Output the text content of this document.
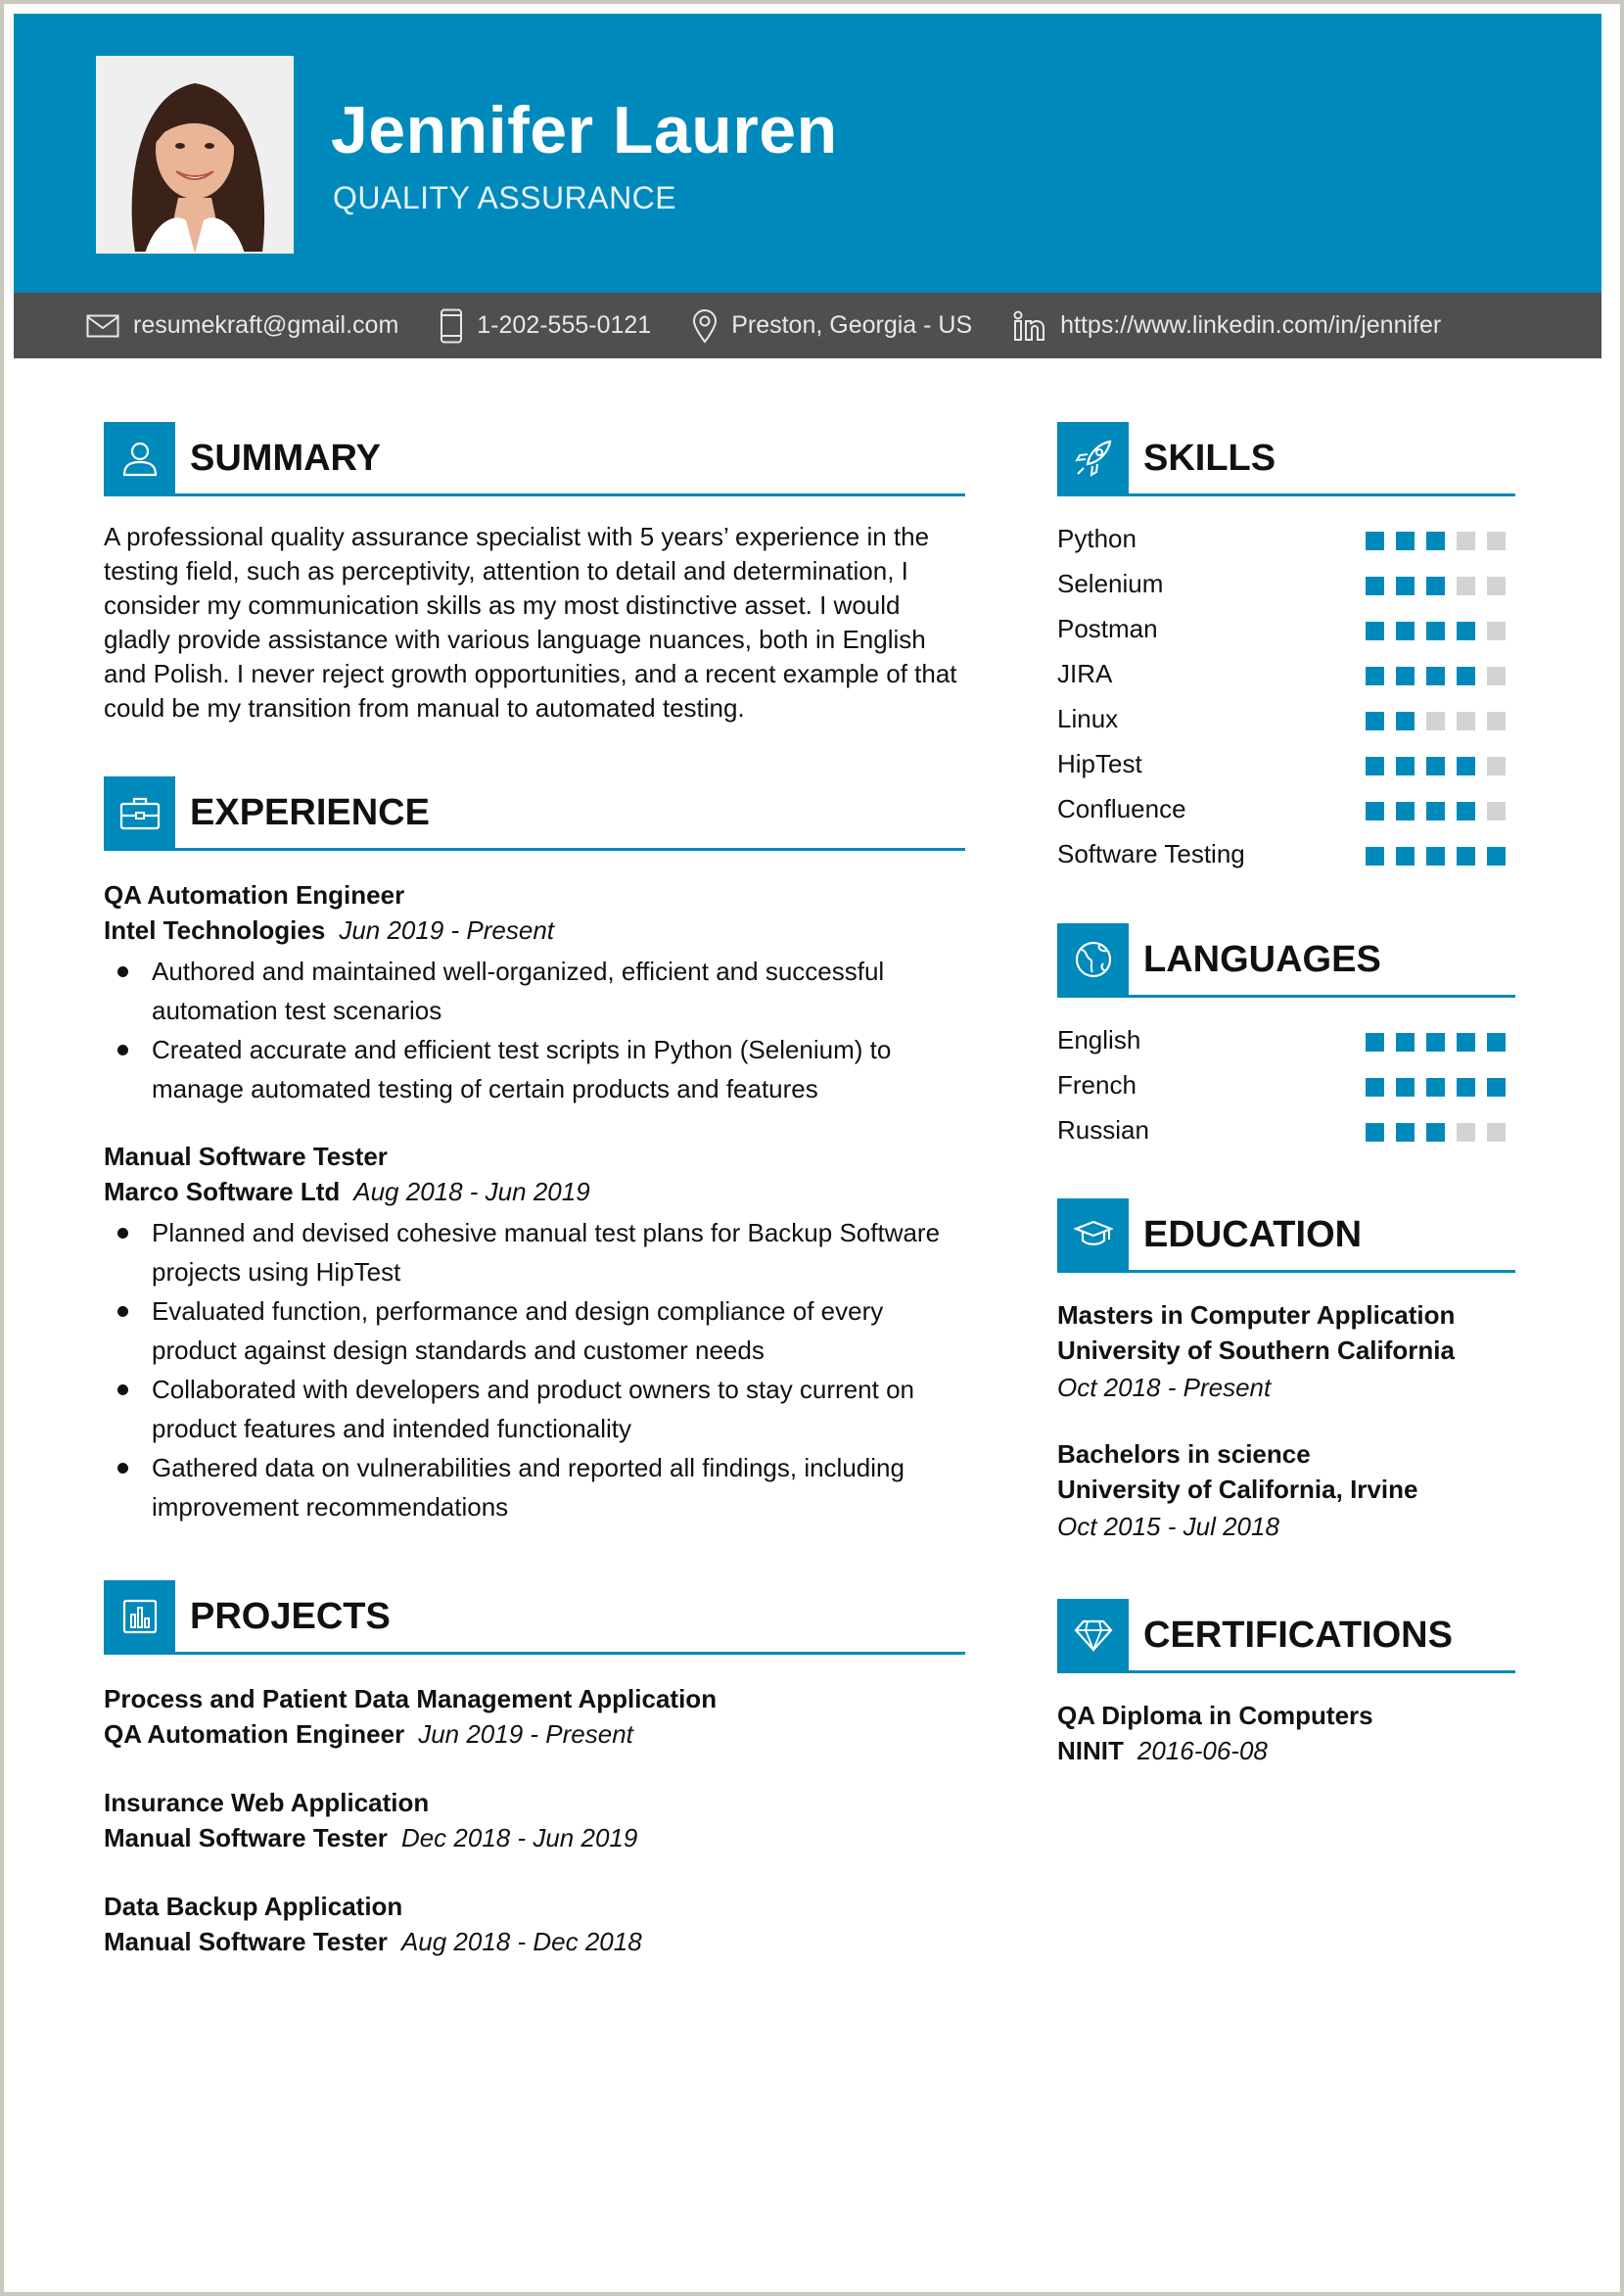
Jennifer Lauren
QUALITY ASSURANCE
resumekraft@gmail.com	1-202-555-0121	Preston, Georgia - US	https://www.linkedin.com/in/jennifer
SUMMARY
A professional quality assurance specialist with 5 years’ experience in the testing field, such as perceptivity, attention to detail and determination, I consider my communication skills as my most distinctive asset. I would gladly provide assistance with various language nuances, both in English and Polish. I never reject growth opportunities, and a recent example of that could be my transition from manual to automated testing.
EXPERIENCE
QA Automation Engineer
Intel Technologies Jun 2019 - Present
Authored and maintained well-organized, efficient and successful automation test scenarios
Created accurate and efficient test scripts in Python (Selenium) to manage automated testing of certain products and features
Manual Software Tester
Marco Software Ltd Aug 2018 - Jun 2019
Planned and devised cohesive manual test plans for Backup Software projects using HipTest
Evaluated function, performance and design compliance of every product against design standards and customer needs
Collaborated with developers and product owners to stay current on product features and intended functionality
Gathered data on vulnerabilities and reported all findings, including improvement recommendations
PROJECTS
Process and Patient Data Management Application
QA Automation Engineer Jun 2019 - Present
Insurance Web Application
Manual Software Tester Dec 2018 - Jun 2019
Data Backup Application
Manual Software Tester Aug 2018 - Dec 2018
SKILLS
Python
Selenium
Postman
JIRA
Linux
HipTest
Confluence
Software Testing
LANGUAGES
English
French
Russian
EDUCATION
Masters in Computer Application
University of Southern California
Oct 2018 - Present
Bachelors in science
University of California, Irvine
Oct 2015 - Jul 2018
CERTIFICATIONS
QA Diploma in Computers
NINIT 2016-06-08
